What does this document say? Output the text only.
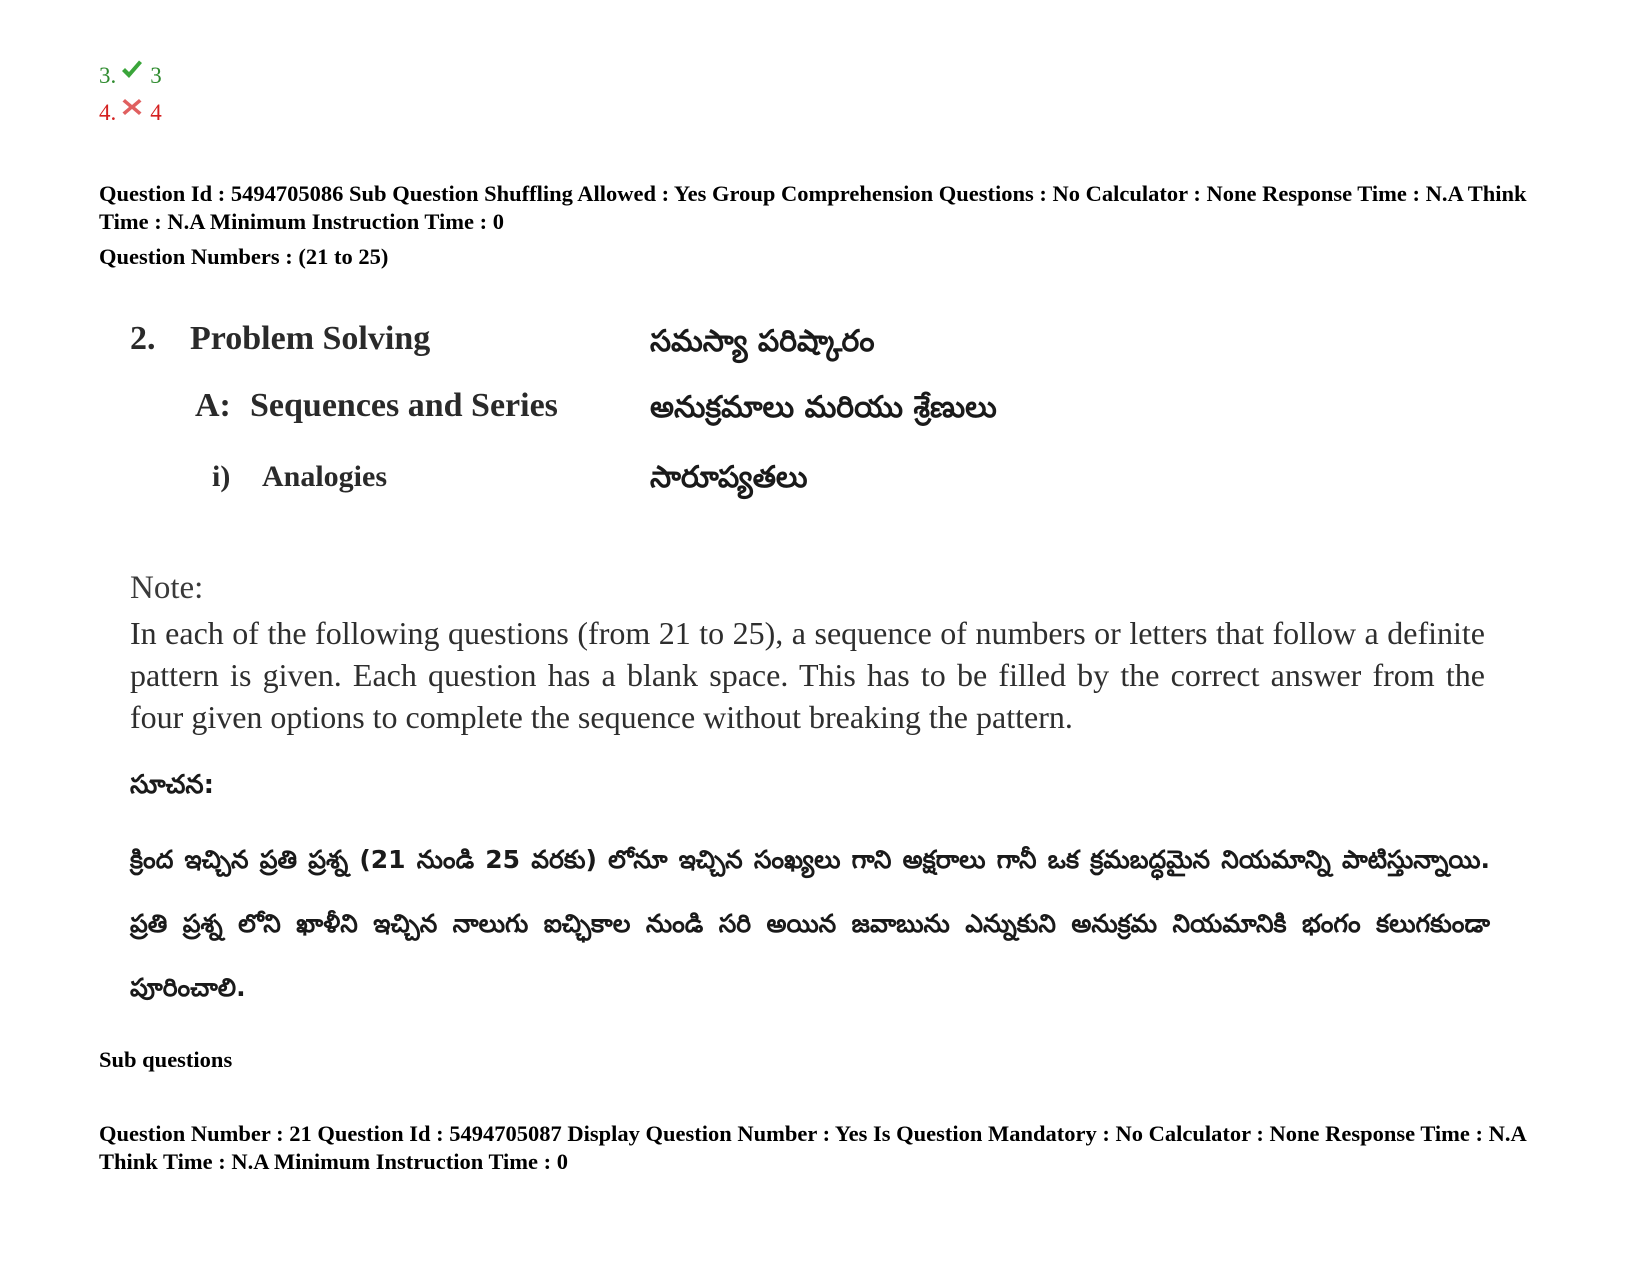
3. 3
4. 4
Question Id : 5494705086 Sub Question Shuffling Allowed : Yes Group Comprehension Questions : No Calculator : None Response Time : N.A Think Time : N.A Minimum Instruction Time : 0
Question Numbers : (21 to 25)
2. Problem Solving	సమస్యా పరిష్కారం
A: Sequences and Series	అనుక్రమాలు మరియు శ్రేణులు
i) Analogies	సారూప్యతలు
Note:
In each of the following questions (from 21 to 25), a sequence of numbers or letters that follow a definite pattern is given. Each question has a blank space. This has to be filled by the correct answer from the four given options to complete the sequence without breaking the pattern.
సూచన:
క్రింద ఇచ్చిన ప్రతి ప్రశ్న (21 నుండి 25 వరకు) లోనూ ఇచ్చిన సంఖ్యలు గాని అక్షరాలు గానీ ఒక క్రమబద్ధమైన నియమాన్ని పాటిస్తున్నాయి. ప్రతి ప్రశ్న లోని ఖాళీని ఇచ్చిన నాలుగు ఐచ్ఛికాల నుండి సరి అయిన జవాబును ఎన్నుకుని అనుక్రమ నియమానికి భంగం కలుగకుండా పూరించాలి.
Sub questions
Question Number : 21 Question Id : 5494705087 Display Question Number : Yes Is Question Mandatory : No Calculator : None Response Time : N.A Think Time : N.A Minimum Instruction Time : 0
